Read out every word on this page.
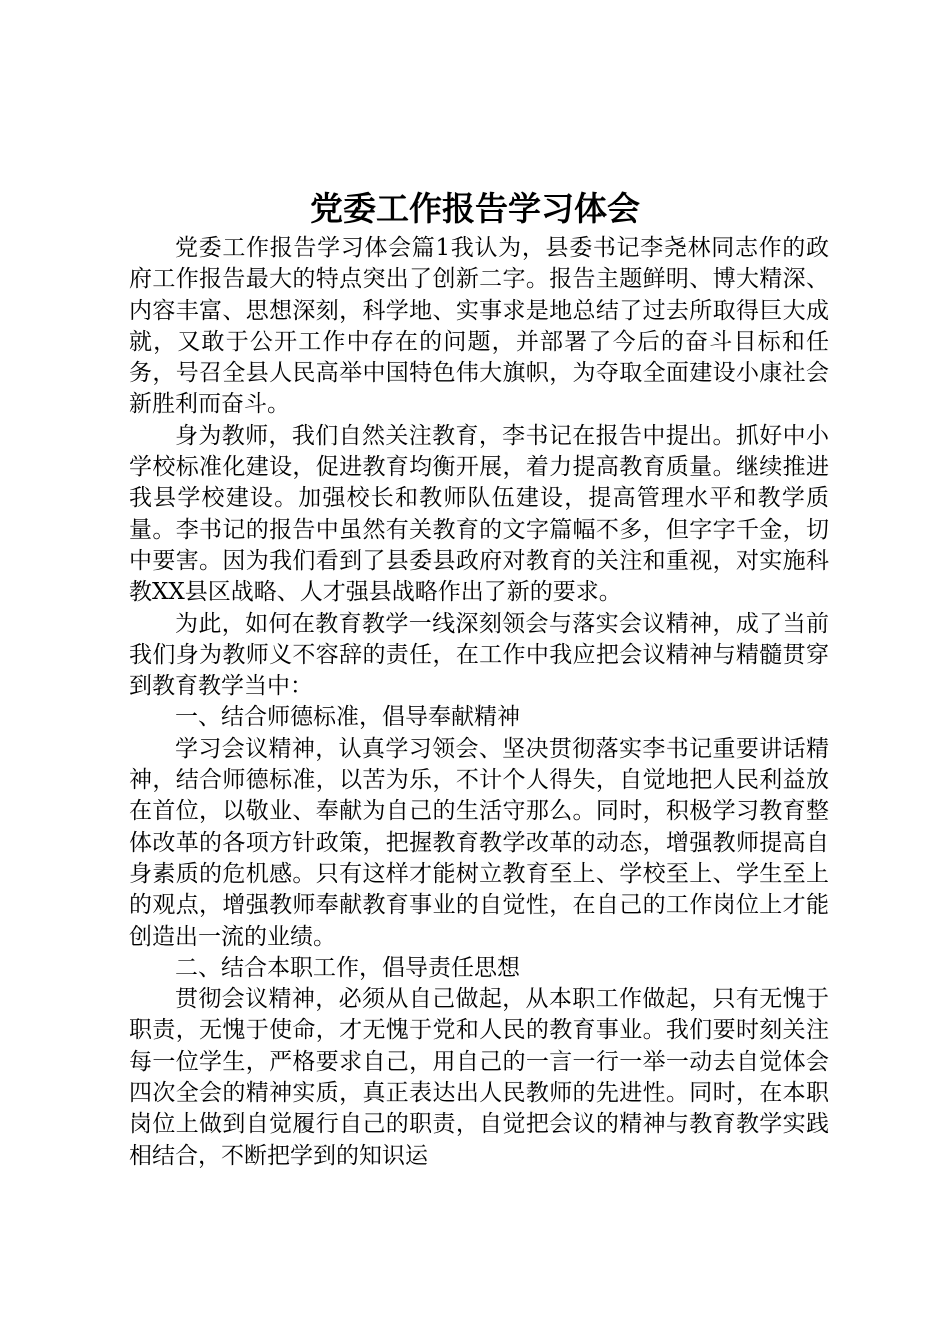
党委工作报告学习体会

党委工作报告学习体会篇1我认为，县委书记李尧林同志作的政府工作报告最大的特点突出了创新二字。报告主题鲜明、博大精深、内容丰富、思想深刻，科学地、实事求是地总结了过去所取得巨大成就，又敢于公开工作中存在的问题，并部署了今后的奋斗目标和任务，号召全县人民高举中国特色伟大旗帜，为夺取全面建设小康社会新胜利而奋斗。

身为教师，我们自然关注教育，李书记在报告中提出。抓好中小学校标准化建设，促进教育均衡开展，着力提高教育质量。继续推进我县学校建设。加强校长和教师队伍建设，提高管理水平和教学质量。李书记的报告中虽然有关教育的文字篇幅不多，但字字千金，切中要害。因为我们看到了县委县政府对教育的关注和重视，对实施科教XX县区战略、人才强县战略作出了新的要求。

为此，如何在教育教学一线深刻领会与落实会议精神，成了当前我们身为教师义不容辞的责任，在工作中我应把会议精神与精髓贯穿到教育教学当中：

一、结合师德标准，倡导奉献精神

学习会议精神，认真学习领会、坚决贯彻落实李书记重要讲话精神，结合师德标准，以苦为乐，不计个人得失，自觉地把人民利益放在首位，以敬业、奉献为自己的生活守那么。同时，积极学习教育整体改革的各项方针政策，把握教育教学改革的动态，增强教师提高自身素质的危机感。只有这样才能树立教育至上、学校至上、学生至上的观点，增强教师奉献教育事业的自觉性，在自己的工作岗位上才能创造出一流的业绩。

二、结合本职工作，倡导责任思想

贯彻会议精神，必须从自己做起，从本职工作做起，只有无愧于职责，无愧于使命，才无愧于党和人民的教育事业。我们要时刻关注每一位学生，严格要求自己，用自己的一言一行一举一动去自觉体会四次全会的精神实质，真正表达出人民教师的先进性。同时，在本职岗位上做到自觉履行自己的职责，自觉把会议的精神与教育教学实践相结合，不断把学到的知识运
